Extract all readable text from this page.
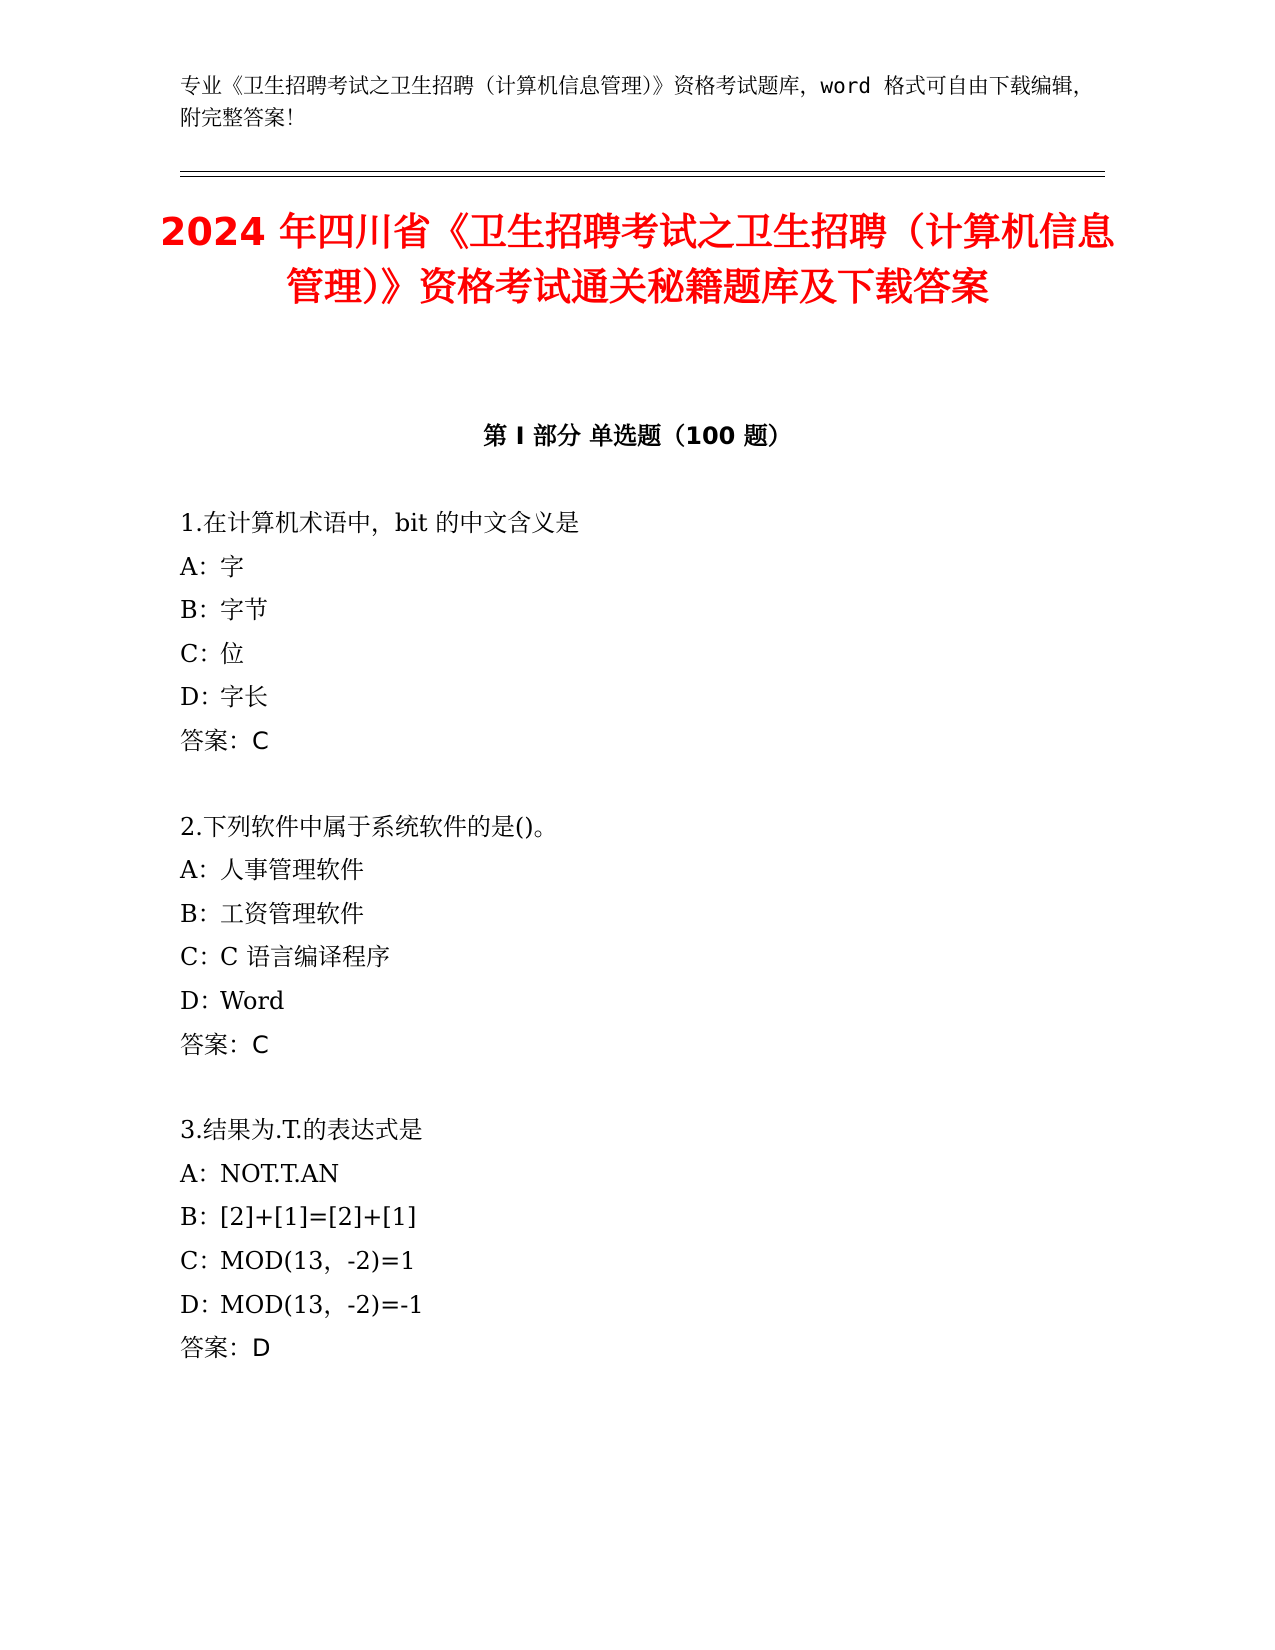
专业《卫生招聘考试之卫生招聘（计算机信息管理）》资格考试题库，word 格式可自由下载编辑，附完整答案！
2024 年四川省《卫生招聘考试之卫生招聘（计算机信息管理）》资格考试通关秘籍题库及下载答案
第 I 部分 单选题（100 题）
1.在计算机术语中，bit 的中文含义是
A：字
B：字节
C：位
D：字长
答案：C
2.下列软件中属于系统软件的是()。
A：人事管理软件
B：工资管理软件
C：C 语言编译程序
D：Word
答案：C
3.结果为.T.的表达式是
A：NOT.T.AN
B：[2]+[1]=[2]+[1]
C：MOD(13，-2)=1
D：MOD(13，-2)=-1
答案：D
